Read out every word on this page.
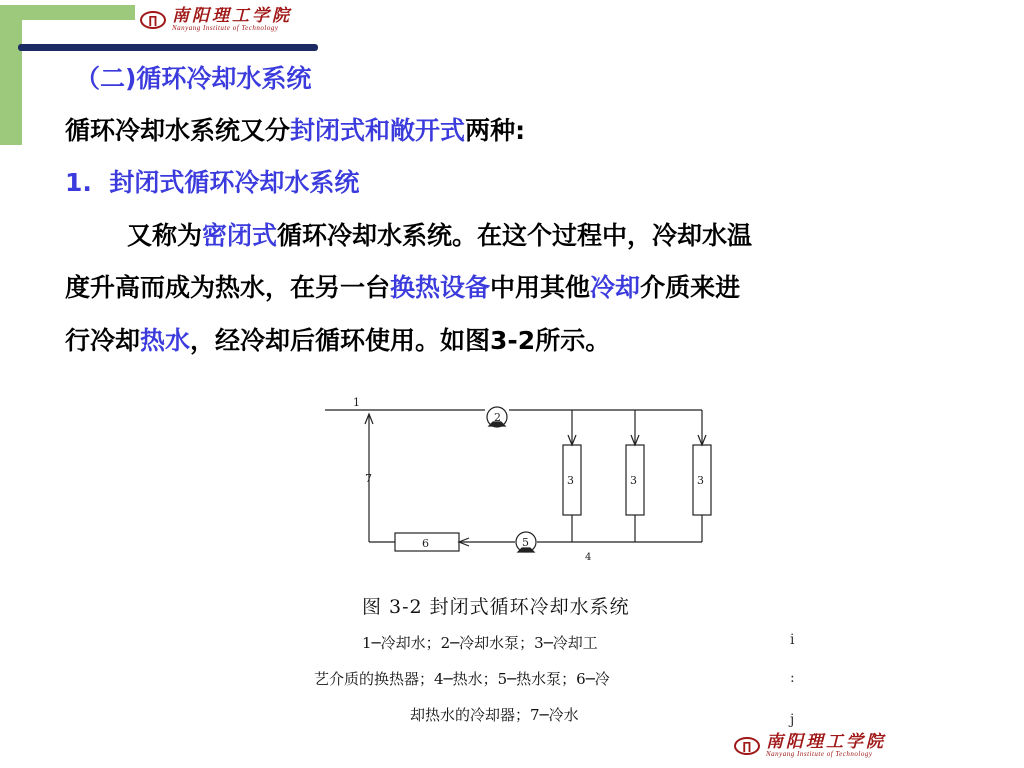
∏ 南阳理工学院
Nanyang Institute of Technology
（二)循环冷却水系统
循环冷却水系统又分封闭式和敞开式两种:
1. 封闭式循环冷却水系统
又称为密闭式循环冷却水系统。在这个过程中，冷却水温
度升高而成为热水，在另一台换热设备中用其他冷却介质来进
行冷却热水，经冷却后循环使用。如图3-2所示。
2
1
7	3	3	3
4
5
6
图 3-2 封闭式循环冷却水系统
1─冷却水；2─冷却水泵；3─冷却工
艺介质的换热器；4─热水；5─热水泵；6─冷
却热水的冷却器；7─冷水
i
:
j
∏ 南阳理工学院
Nanyang Institute of Technology
